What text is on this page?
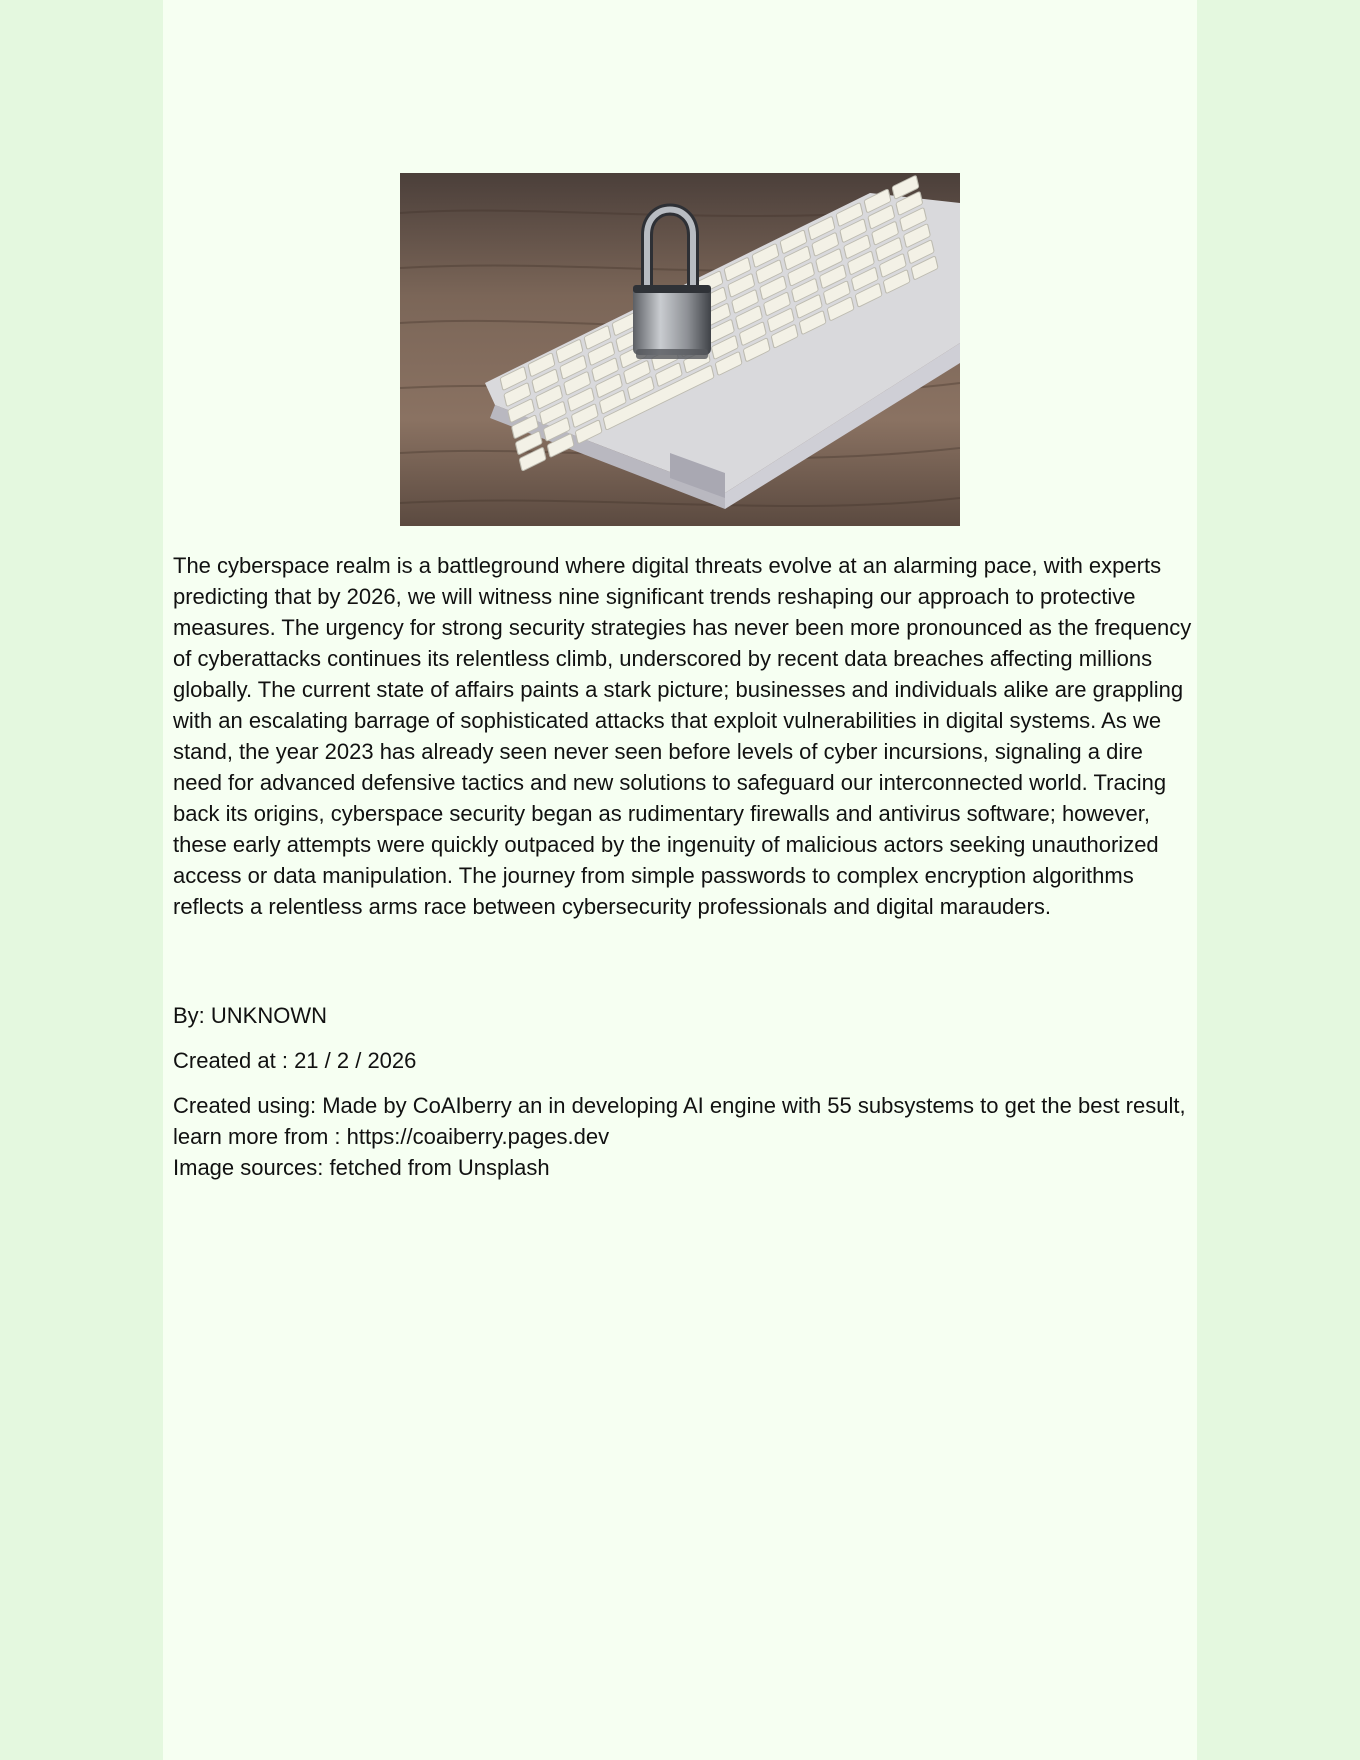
The cyberspace realm is a battleground where digital threats evolve at an alarming pace, with experts predicting that by 2026, we will witness nine significant trends reshaping our approach to protective measures. The urgency for strong security strategies has never been more pronounced as the frequency of cyberattacks continues its relentless climb, underscored by recent data breaches affecting millions globally. The current state of affairs paints a stark picture; businesses and individuals alike are grappling with an escalating barrage of sophisticated attacks that exploit vulnerabilities in digital systems. As we stand, the year 2023 has already seen never seen before levels of cyber incursions, signaling a dire need for advanced defensive tactics and new solutions to safeguard our interconnected world. Tracing back its origins, cyberspace security began as rudimentary firewalls and antivirus software; however, these early attempts were quickly outpaced by the ingenuity of malicious actors seeking unauthorized access or data manipulation. The journey from simple passwords to complex encryption algorithms reflects a relentless arms race between cybersecurity professionals and digital marauders.

By: UNKNOWN

Created at : 21 / 2 / 2026

Created using: Made by CoAIberry an in developing AI engine with 55 subsystems to get the best result, learn more from : https://coaiberry.pages.dev
Image sources: fetched from Unsplash
